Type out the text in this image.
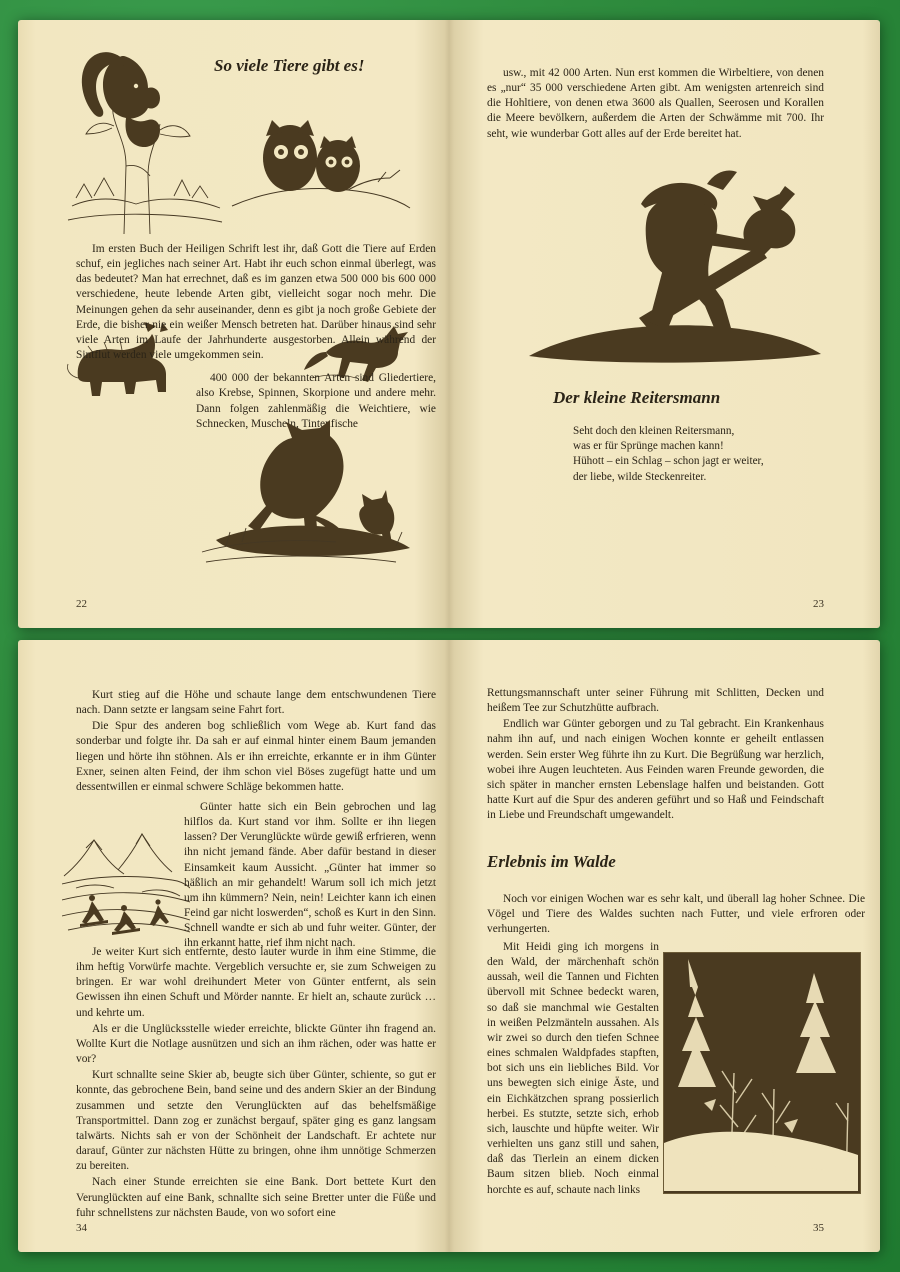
So viele Tiere gibt es!

Im ersten Buch der Heiligen Schrift lest ihr, daß Gott die Tiere auf Erden schuf, ein jegliches nach seiner Art. Habt ihr euch schon einmal überlegt, was das bedeutet? Man hat errechnet, daß es im ganzen etwa 500 000 bis 600 000 verschiedene, heute lebende Arten gibt, vielleicht sogar noch mehr. Die Meinungen gehen da sehr auseinander, denn es gibt ja noch große Gebiete der Erde, die bisher nie ein weißer Mensch betreten hat. Darüber hinaus sind sehr viele Arten im Laufe der Jahrhunderte ausgestorben. Allein während der Sintflut werden viele umgekommen sein.

400 000 der bekannten Arten sind Gliedertiere, also Krebse, Spinnen, Skorpione und andere mehr. Dann folgen zahlenmäßig die Weichtiere, wie Schnecken, Muscheln, Tintenfische

22

usw., mit 42 000 Arten. Nun erst kommen die Wirbeltiere, von denen es „nur“ 35 000 verschiedene Arten gibt. Am wenigsten artenreich sind die Hohltiere, von denen etwa 3600 als Quallen, Seerosen und Korallen die Meere bevölkern, außerdem die Arten der Schwämme mit 700. Ihr seht, wie wunderbar Gott alles auf der Erde bereitet hat.

Der kleine Reitersmann
Seht doch den kleinen Reitersmann,
was er für Sprünge machen kann!
Hühott – ein Schlag – schon jagt er weiter,
der liebe, wilde Steckenreiter.
23

Kurt stieg auf die Höhe und schaute lange dem entschwundenen Tiere nach. Dann setzte er langsam seine Fahrt fort.

Die Spur des anderen bog schließlich vom Wege ab. Kurt fand das sonderbar und folgte ihr. Da sah er auf einmal hinter einem Baum jemanden liegen und hörte ihn stöhnen. Als er ihn erreichte, erkannte er in ihm Günter Exner, seinen alten Feind, der ihm schon viel Böses zugefügt hatte und um dessentwillen er einmal schwere Schläge bekommen hatte.

Günter hatte sich ein Bein gebrochen und lag hilflos da. Kurt stand vor ihm. Sollte er ihn liegen lassen? Der Verunglückte würde gewiß erfrieren, wenn ihn nicht jemand fände. Aber dafür bestand in dieser Einsamkeit kaum Aussicht. „Günter hat immer so häßlich an mir gehandelt! Warum soll ich mich jetzt um ihn kümmern? Nein, nein! Leichter kann ich einen Feind gar nicht loswerden“, schoß es Kurt in den Sinn. Schnell wandte er sich ab und fuhr weiter. Günter, der ihn erkannt hatte, rief ihm nicht nach.

Je weiter Kurt sich entfernte, desto lauter wurde in ihm eine Stimme, die ihm heftig Vorwürfe machte. Vergeblich versuchte er, sie zum Schweigen zu bringen. Er war wohl dreihundert Meter von Günter entfernt, als sein Gewissen ihn einen Schuft und Mörder nannte. Er hielt an, schaute zurück … und kehrte um.

Als er die Unglücksstelle wieder erreichte, blickte Günter ihn fragend an. Wollte Kurt die Notlage ausnützen und sich an ihm rächen, oder was hatte er vor?

Kurt schnallte seine Skier ab, beugte sich über Günter, schiente, so gut er konnte, das gebrochene Bein, band seine und des andern Skier an der Bindung zusammen und setzte den Verunglückten auf das behelfsmäßige Transportmittel. Dann zog er zunächst bergauf, später ging es ganz langsam talwärts. Nichts sah er von der Schönheit der Landschaft. Er achtete nur darauf, Günter zur nächsten Hütte zu bringen, ohne ihm unnötige Schmerzen zu bereiten.

Nach einer Stunde erreichten sie eine Bank. Dort bettete Kurt den Verunglückten auf eine Bank, schnallte sich seine Bretter unter die Füße und fuhr schnellstens zur nächsten Baude, von wo sofort eine

34

Rettungsmannschaft unter seiner Führung mit Schlitten, Decken und heißem Tee zur Schutzhütte aufbrach.

Endlich war Günter geborgen und zu Tal gebracht. Ein Krankenhaus nahm ihn auf, und nach einigen Wochen konnte er geheilt entlassen werden. Sein erster Weg führte ihn zu Kurt. Die Begrüßung war herzlich, wobei ihre Augen leuchteten. Aus Feinden waren Freunde geworden, die sich später in mancher ernsten Lebenslage halfen und beistanden. Gott hatte Kurt auf die Spur des anderen geführt und so Haß und Feindschaft in Liebe und Freundschaft umgewandelt.

Erlebnis im Walde

Noch vor einigen Wochen war es sehr kalt, und überall lag hoher Schnee. Die Vögel und Tiere des Waldes suchten nach Futter, und viele erfroren oder verhungerten.

Mit Heidi ging ich morgens in den Wald, der märchenhaft schön aussah, weil die Tannen und Fichten übervoll mit Schnee bedeckt waren, so daß sie manchmal wie Gestalten in weißen Pelzmänteln aussahen. Als wir zwei so durch den tiefen Schnee eines schmalen Waldpfades stapften, bot sich uns ein liebliches Bild. Vor uns bewegten sich einige Äste, und ein Eichkätzchen sprang possierlich herbei. Es stutzte, setzte sich, erhob sich, lauschte und hüpfte weiter. Wir verhielten uns ganz still und sahen, daß das Tierlein an einem dicken Baum sitzen blieb. Noch einmal horchte es auf, schaute nach links

35
